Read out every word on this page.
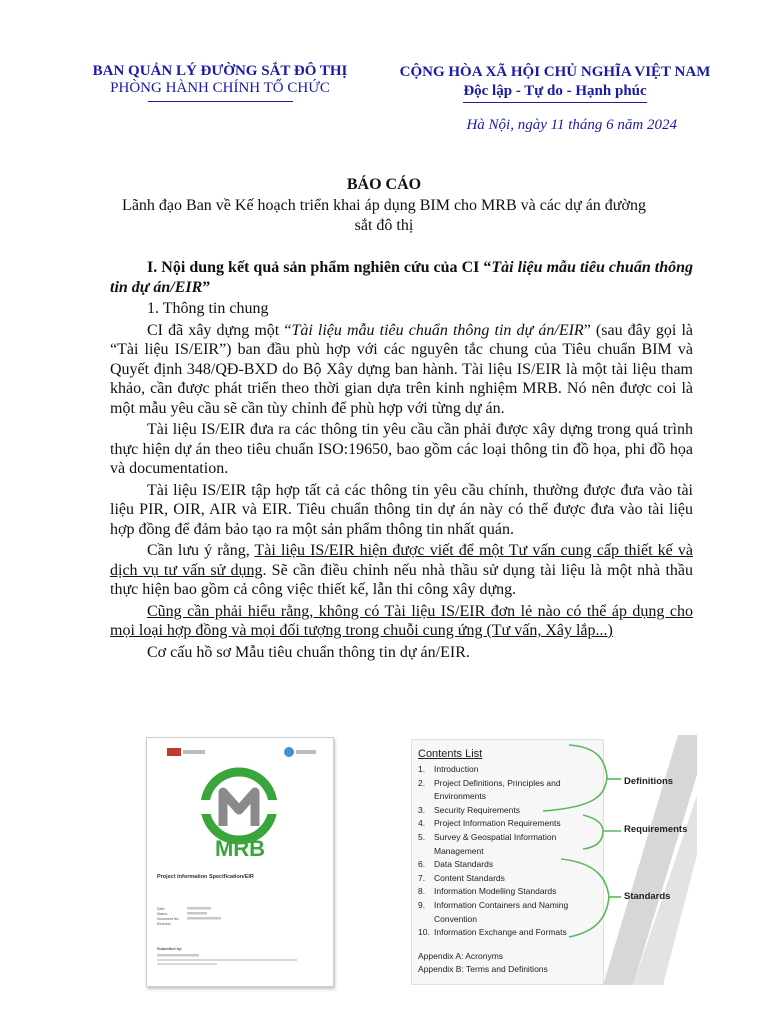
BAN QUẢN LÝ ĐƯỜNG SẮT ĐÔ THỊ
PHÒNG HÀNH CHÍNH TỔ CHỨC
CỘNG HÒA XÃ HỘI CHỦ NGHĨA VIỆT NAM
Độc lập - Tự do - Hạnh phúc
Hà Nội, ngày 11 tháng 6 năm 2024
BÁO CÁO
Lãnh đạo Ban về Kế hoạch triển khai áp dụng BIM cho MRB và các dự án đường sắt đô thị

I. Nội dung kết quả sản phẩm nghiên cứu của CI “Tài liệu mẫu tiêu chuẩn thông tin dự án/EIR”

1. Thông tin chung

CI đã xây dựng một “Tài liệu mẫu tiêu chuẩn thông tin dự án/EIR” (sau đây gọi là “Tài liệu IS/EIR”) ban đầu phù hợp với các nguyên tắc chung của Tiêu chuẩn BIM và Quyết định 348/QĐ-BXD do Bộ Xây dựng ban hành. Tài liệu IS/EIR là một tài liệu tham khảo, cần được phát triển theo thời gian dựa trên kinh nghiệm MRB. Nó nên được coi là một mẫu yêu cầu sẽ cần tùy chỉnh để phù hợp với từng dự án.

Tài liệu IS/EIR đưa ra các thông tin yêu cầu cần phải được xây dựng trong quá trình thực hiện dự án theo tiêu chuẩn ISO:19650, bao gồm các loại thông tin đồ họa, phi đồ họa và documentation.

Tài liệu IS/EIR tập hợp tất cả các thông tin yêu cầu chính, thường được đưa vào tài liệu PIR, OIR, AIR và EIR. Tiêu chuẩn thông tin dự án này có thể được đưa vào tài liệu hợp đồng để đảm bảo tạo ra một sản phẩm thông tin nhất quán.

Cần lưu ý rằng, Tài liệu IS/EIR hiện được viết để một Tư vấn cung cấp thiết kế và dịch vụ tư vấn sử dụng. Sẽ cần điều chỉnh nếu nhà thầu sử dụng tài liệu là một nhà thầu thực hiện bao gồm cả công việc thiết kế, lẫn thi công xây dựng.

Cũng cần phải hiểu rằng, không có Tài liệu IS/EIR đơn lẻ nào có thể áp dụng cho mọi loại hợp đồng và mọi đối tượng trong chuỗi cung ứng (Tư vấn, Xây lắp...)

Cơ cấu hồ sơ Mẫu tiêu chuẩn thông tin dự án/EIR.

MRB
Project Information Specification/EIR
Date:
Status:
Document No:
Revision:
Submitted by:
Contents List
1. Introduction
2. Project Definitions, Principles and
Environments
3. Security Requirements
4. Project Information Requirements
5. Survey & Geospatial Information
Management
6. Data Standards
7. Content Standards
8. Information Modelling Standards
9. Information Containers and Naming
Convention
10. Information Exchange and Formats
Appendix A: Acronyms
Appendix B: Terms and Definitions
Definitions
Requirements
Standards
